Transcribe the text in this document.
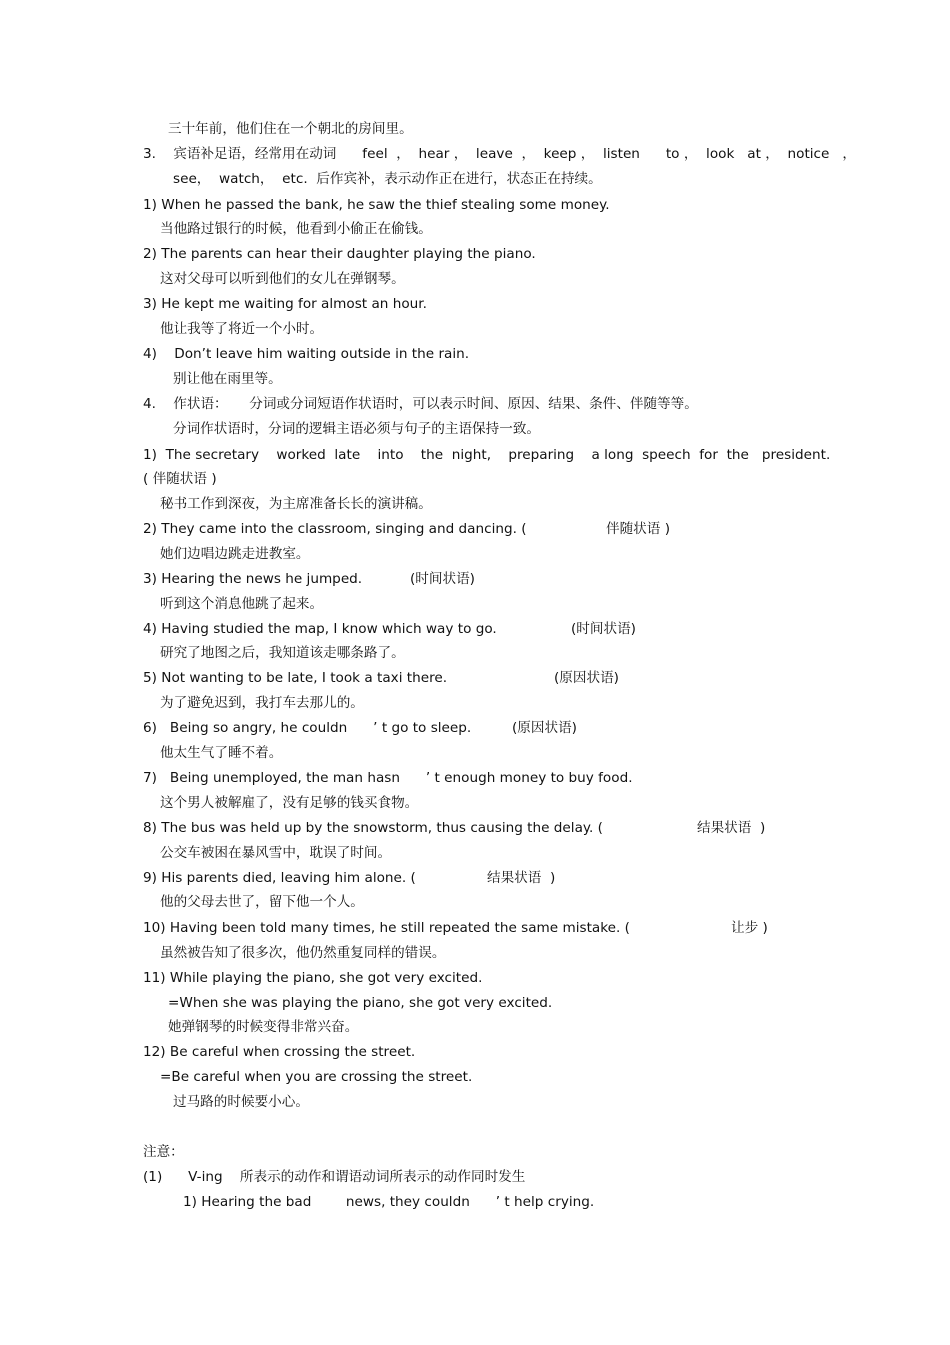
三十年前，他们住在一个朝北的房间里。
3.    宾语补足语，经常用在动词      feel  ，  hear ，  leave  ，  keep ，  listen      to ，  look   at ，  notice   ，
see，  watch，  etc.  后作宾补，表示动作正在进行，状态正在持续。
1) When he passed the bank, he saw the thief stealing some money.
当他路过银行的时候，他看到小偷正在偷钱。
2) The parents can hear their daughter playing the piano.
这对父母可以听到他们的女儿在弹钢琴。
3) He kept me waiting for almost an hour.
他让我等了将近一个小时。
4)    Don’t leave him waiting outside in the rain.
别让他在雨里等。
4.    作状语：     分词或分词短语作状语时，可以表示时间、原因、结果、条件、伴随等等。
分词作状语时，分词的逻辑主语必须与句子的主语保持一致。
1)  The secretary    worked  late    into    the  night,    preparing    a long  speech  for  the   president.
( 伴随状语 )
秘书工作到深夜，为主席准备长长的演讲稿。
2) They came into the classroom, singing and dancing. (	伴随状语 )
她们边唱边跳走进教室。
3) Hearing the news he jumped.	(时间状语)
听到这个消息他跳了起来。
4) Having studied the map, I know which way to go.	(时间状语)
研究了地图之后，我知道该走哪条路了。
5) Not wanting to be late, I took a taxi there.	(原因状语)
为了避免迟到，我打车去那儿的。
6)   Being so angry, he couldn      ’ t go to sleep.	(原因状语)
他太生气了睡不着。
7)   Being unemployed, the man hasn      ’ t enough money to buy food.
这个男人被解雇了，没有足够的钱买食物。
8) The bus was held up by the snowstorm, thus causing the delay. (	结果状语  )
公交车被困在暴风雪中，耽误了时间。
9) His parents died, leaving him alone. (	结果状语  )
他的父母去世了，留下他一个人。
10) Having been told many times, he still repeated the same mistake. (	让步 )
虽然被告知了很多次，他仍然重复同样的错误。
11) While playing the piano, she got very excited.
=When she was playing the piano, she got very excited.
她弹钢琴的时候变得非常兴奋。
12) Be careful when crossing the street.
=Be careful when you are crossing the street.
过马路的时候要小心。
注意：
(1)      V-ing    所表示的动作和谓语动词所表示的动作同时发生
1) Hearing the bad        news, they couldn      ’ t help crying.
